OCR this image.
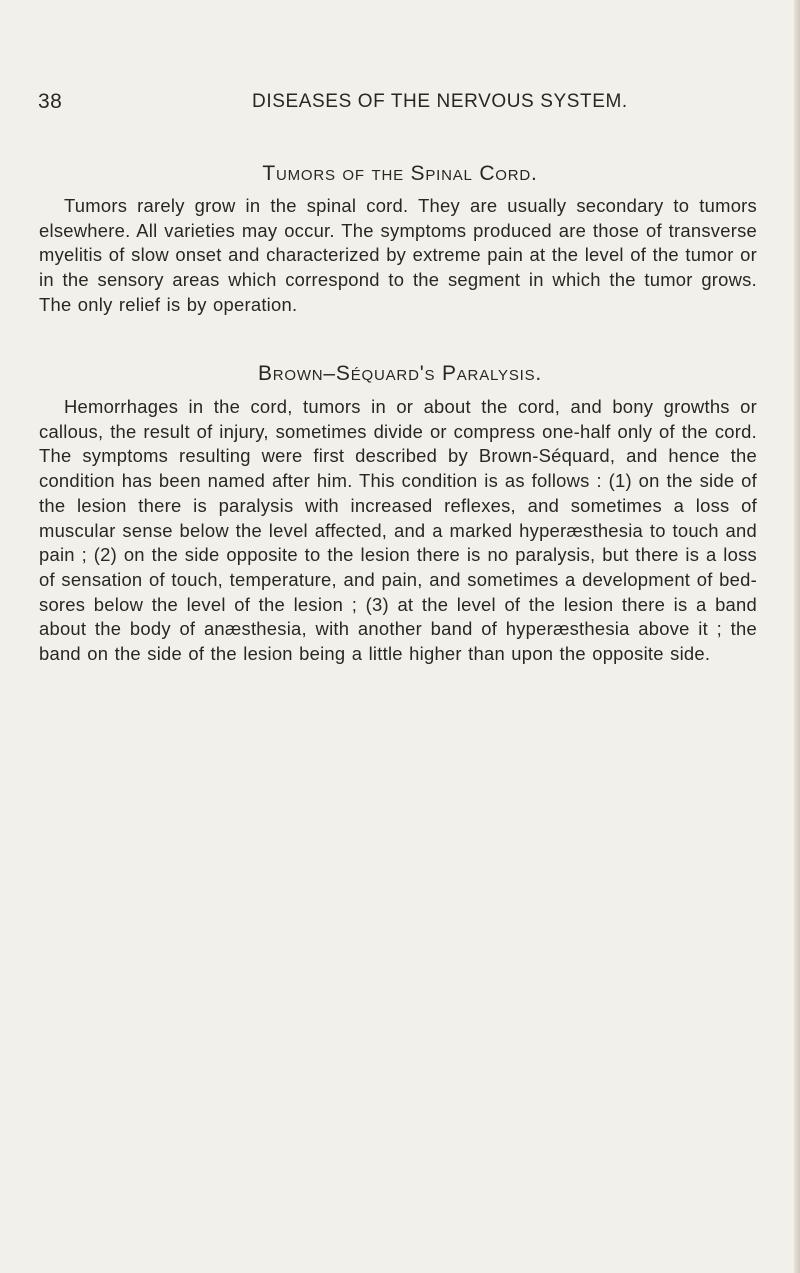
38	DISEASES OF THE NERVOUS SYSTEM.
Tumors of the Spinal Cord.

Tumors rarely grow in the spinal cord. They are usually secondary to tumors elsewhere. All varieties may occur. The symptoms produced are those of transverse myelitis of slow onset and characterized by extreme pain at the level of the tumor or in the sensory areas which correspond to the segment in which the tumor grows. The only relief is by operation.

Brown–Séquard's Paralysis.

Hemorrhages in the cord, tumors in or about the cord, and bony growths or callous, the result of injury, sometimes divide or compress one-half only of the cord. The symptoms resulting were first described by Brown-Séquard, and hence the condition has been named after him. This condition is as follows : (1) on the side of the lesion there is paralysis with increased reflexes, and sometimes a loss of muscular sense below the level affected, and a marked hyperæsthesia to touch and pain ; (2) on the side opposite to the lesion there is no paralysis, but there is a loss of sensation of touch, temperature, and pain, and sometimes a development of bed-sores below the level of the lesion ; (3) at the level of the lesion there is a band about the body of anæsthesia, with another band of hyperæsthesia above it ; the band on the side of the lesion being a little higher than upon the opposite side.
